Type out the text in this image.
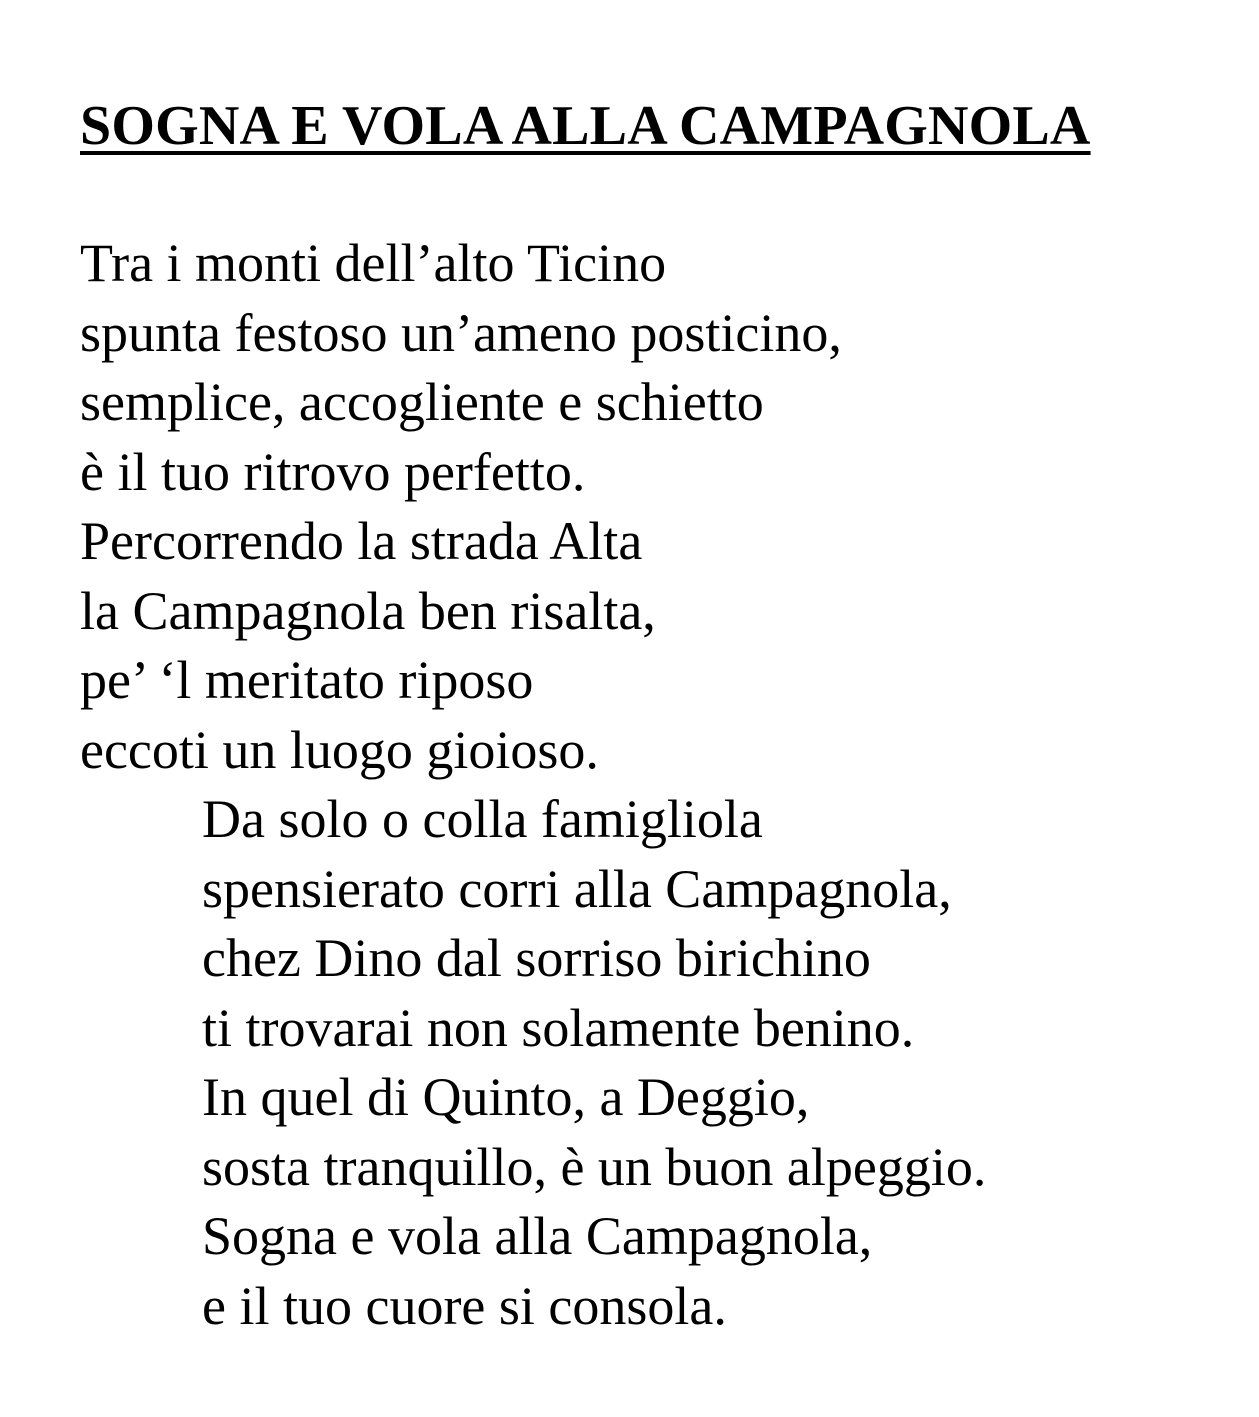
SOGNA E VOLA ALLA CAMPAGNOLA
Tra i monti dell’alto Ticino
spunta festoso un’ameno posticino,
semplice, accogliente e schietto
è il tuo ritrovo perfetto.
Percorrendo la strada Alta
la Campagnola ben risalta,
pe’ ‘l meritato riposo
eccoti un luogo gioioso.
Da solo o colla famigliola
spensierato corri alla Campagnola,
chez Dino dal sorriso birichino
ti trovarai non solamente benino.
In quel di Quinto, a Deggio,
sosta tranquillo, è un buon alpeggio.
Sogna e vola alla Campagnola,
e il tuo cuore si consola.
